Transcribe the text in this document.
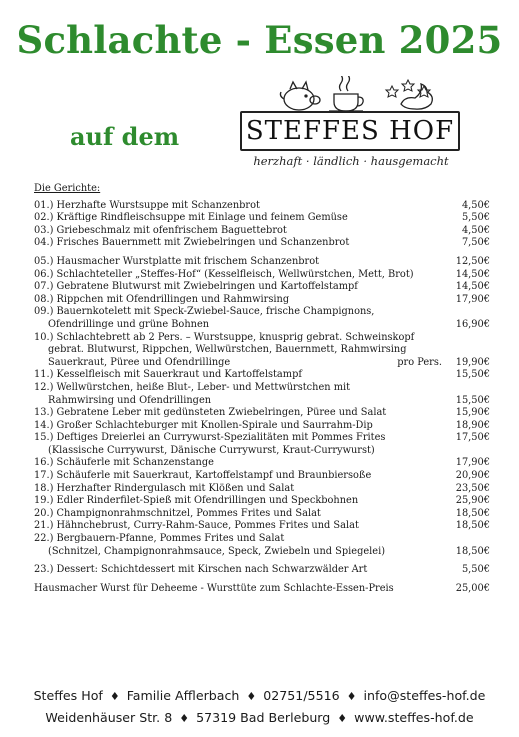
Schlachte - Essen 2025
auf dem	STEFFES HOF
herzhaft · ländlich · hausgemacht
Die Gerichte:
01.) Herzhafte Wurstsuppe mit Schanzenbrot	4,50€
02.) Kräftige Rindfleischsuppe mit Einlage und feinem Gemüse	5,50€
03.) Griebeschmalz mit ofenfrischem Baguettebrot	4,50€
04.) Frisches Bauernmett mit Zwiebelringen und Schanzenbrot	7,50€
05.) Hausmacher Wurstplatte mit frischem Schanzenbrot	12,50€
06.) Schlachteteller „Steffes-Hof“ (Kesselfleisch, Wellwürstchen, Mett, Brot)	14,50€
07.) Gebratene Blutwurst mit Zwiebelringen und Kartoffelstampf	14,50€
08.) Rippchen mit Ofendrillingen und Rahmwirsing	17,90€
09.) Bauernkotelett mit Speck-Zwiebel-Sauce, frische Champignons,
Ofendrillinge und grüne Bohnen	16,90€
10.) Schlachtebrett ab 2 Pers. – Wurstsuppe, knusprig gebrat. Schweinskopf
gebrat. Blutwurst, Rippchen, Wellwürstchen, Bauernmett, Rahmwirsing
Sauerkraut, Püree und Ofendrillinge	pro Pers.	19,90€
11.) Kesselfleisch mit Sauerkraut und Kartoffelstampf	15,50€
12.) Wellwürstchen, heiße Blut-, Leber- und Mettwürstchen mit
Rahmwirsing und Ofendrillingen	15,50€
13.) Gebratene Leber mit gedünsteten Zwiebelringen, Püree und Salat	15,90€
14.) Großer Schlachteburger mit Knollen-Spirale und Saurrahm-Dip	18,90€
15.) Deftiges Dreierlei an Currywurst-Spezialitäten mit Pommes Frites	17,50€
(Klassische Currywurst, Dänische Currywurst, Kraut-Currywurst)
16.) Schäuferle mit Schanzenstange	17,90€
17.) Schäuferle mit Sauerkraut, Kartoffelstampf und Braunbiersoße	20,90€
18.) Herzhafter Rindergulasch mit Klößen und Salat	23,50€
19.) Edler Rinderfilet-Spieß mit Ofendrillingen und Speckbohnen	25,90€
20.) Champignonrahmschnitzel, Pommes Frites und Salat	18,50€
21.) Hähnchebrust, Curry-Rahm-Sauce, Pommes Frites und Salat	18,50€
22.) Bergbauern-Pfanne, Pommes Frites und Salat
(Schnitzel, Champignonrahmsauce, Speck, Zwiebeln und Spiegelei)	18,50€
23.) Dessert: Schichtdessert mit Kirschen nach Schwarzwälder Art	5,50€
Hausmacher Wurst für Deheeme - Wursttüte zum Schlachte-Essen-Preis	25,00€
Steffes Hof ♦ Familie Afflerbach ♦ 02751/5516 ♦ info@steffes-hof.de
Weidenhäuser Str. 8 ♦ 57319 Bad Berleburg ♦ www.steffes-hof.de
